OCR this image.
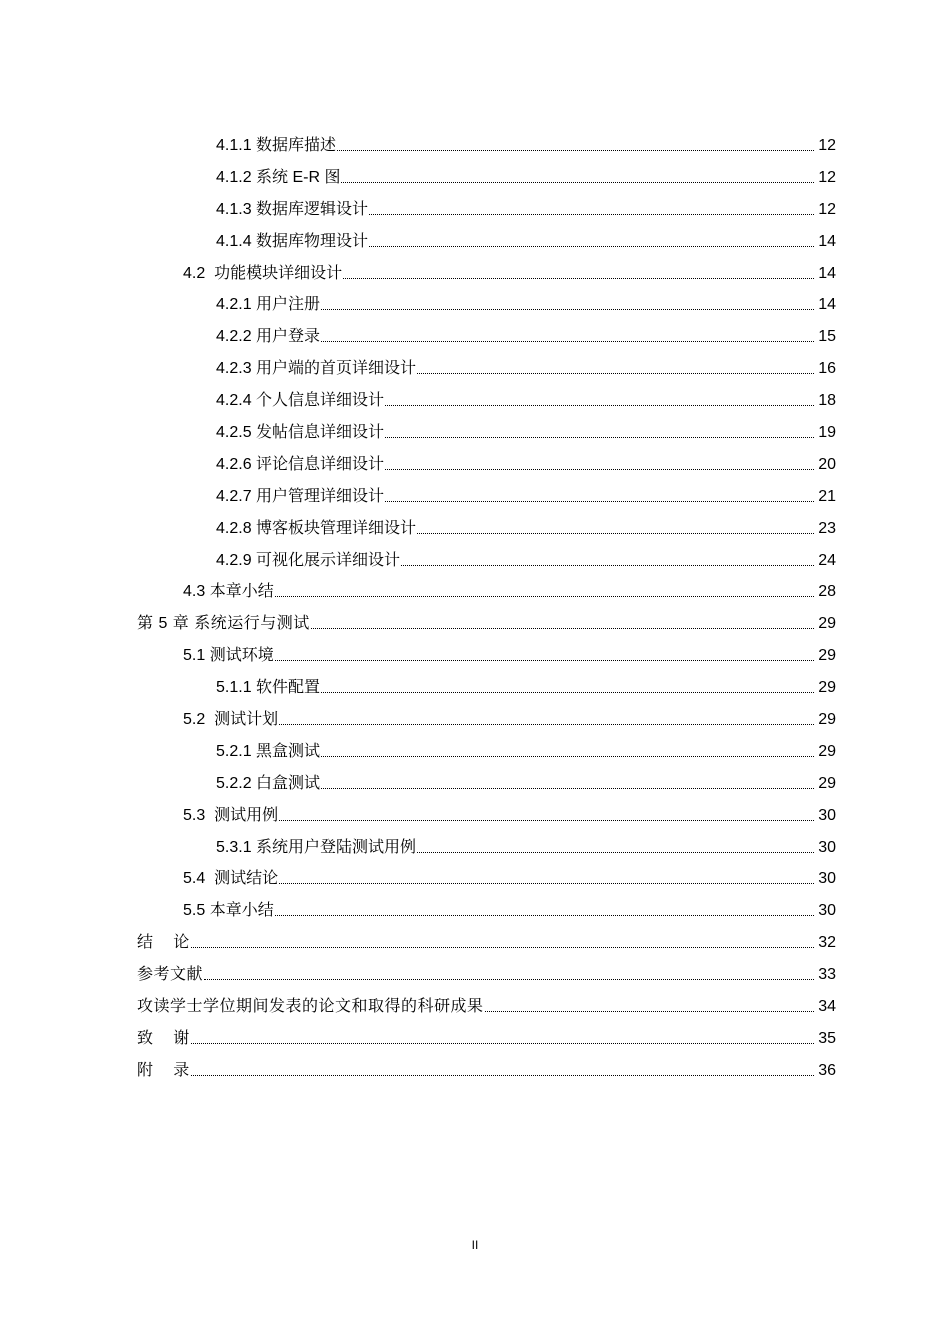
4.1.1 数据库描述	12
4.1.2 系统 E-R 图	12
4.1.3 数据库逻辑设计	12
4.1.4 数据库物理设计	14
4.2  功能模块详细设计	14
4.2.1 用户注册	14
4.2.2 用户登录	15
4.2.3 用户端的首页详细设计	16
4.2.4 个人信息详细设计	18
4.2.5 发帖信息详细设计	19
4.2.6 评论信息详细设计	20
4.2.7 用户管理详细设计	21
4.2.8 博客板块管理详细设计	23
4.2.9 可视化展示详细设计	24
4.3 本章小结	28
第 5 章 系统运行与测试	29
5.1 测试环境	29
5.1.1 软件配置	29
5.2  测试计划	29
5.2.1 黑盒测试	29
5.2.2 白盒测试	29
5.3  测试用例	30
5.3.1 系统用户登陆测试用例	30
5.4  测试结论	30
5.5 本章小结	30
结    论	32
参考文献	33
攻读学士学位期间发表的论文和取得的科研成果	34
致    谢	35
附    录	36
II
